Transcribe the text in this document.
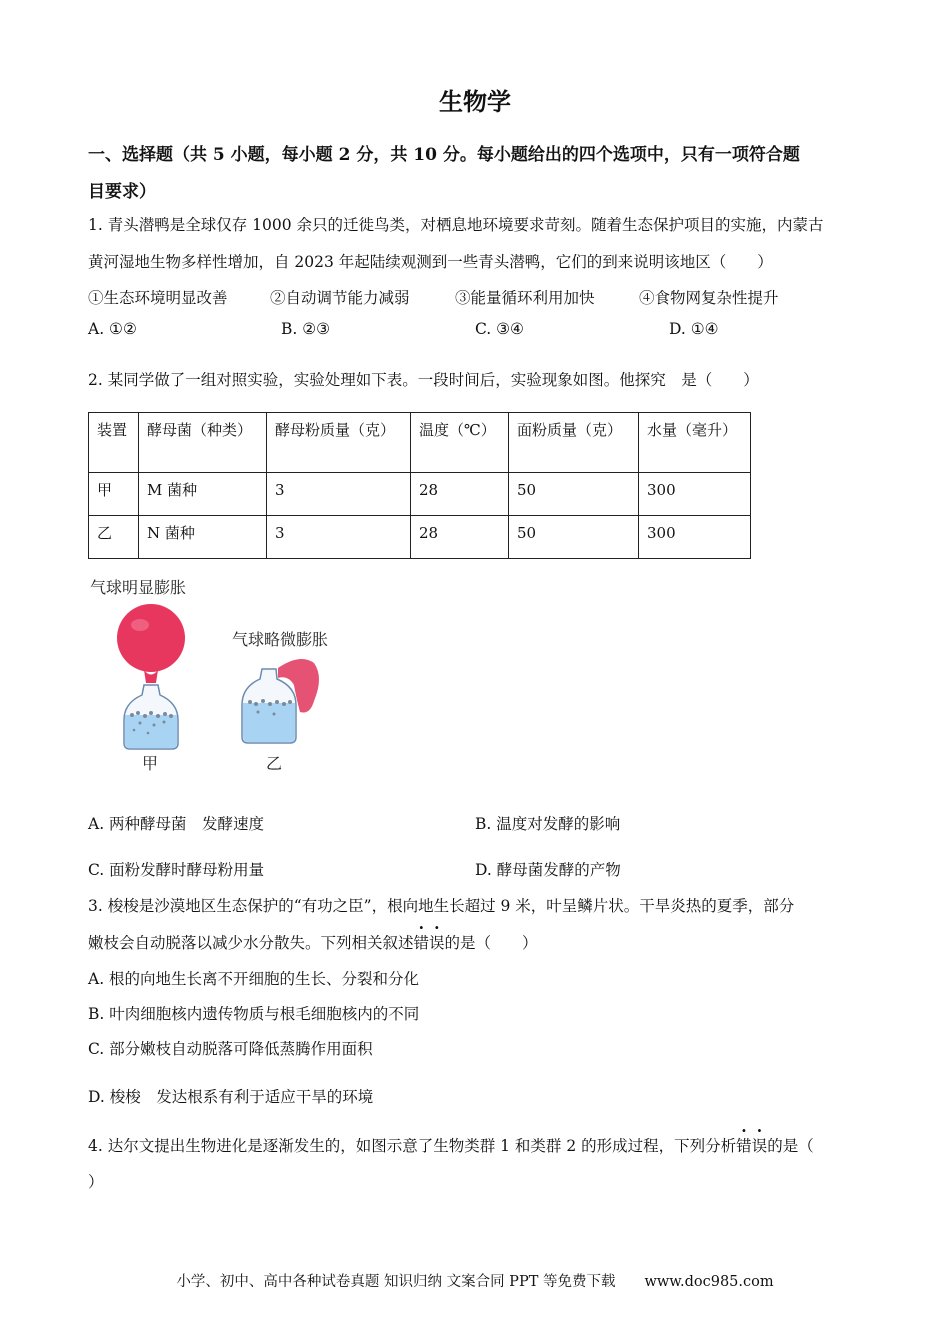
生物学
一、选择题（共 5 小题，每小题 2 分，共 10 分。每小题给出的四个选项中，只有一项符合题
目要求）
1. 青头潜鸭是全球仅存 1000 余只的迁徙鸟类，对栖息地环境要求苛刻。随着生态保护项目的实施，内蒙古
黄河湿地生物多样性增加，自 2023 年起陆续观测到一些青头潜鸭，它们的到来说明该地区（　　）
①生态环境明显改善	②自动调节能力减弱	③能量循环利用加快	④食物网复杂性提升
A. ①②	B. ②③	C. ③④	D. ①④
2. 某同学做了一组对照实验，实验处理如下表。一段时间后，实验现象如图。他探究　是（　　）
装置	酵母菌（种类）	酵母粉质量（克）	温度（℃）	面粉质量（克）	水量（毫升）
甲	M 菌种	3	28	50	300
乙	N 菌种	3	28	50	300
气球明显膨胀
气球略微膨胀
甲	乙
A. 两种酵母菌　发酵速度	B. 温度对发酵的影响
C. 面粉发酵时酵母粉用量	D. 酵母菌发酵的产物
3. 梭梭是沙漠地区生态保护的“有功之臣”，根向地生长超过 9 米，叶呈鳞片状。干旱炎热的夏季，部分
嫩枝会自动脱落以减少水分散失。下列相关叙述错误的是（　　）
A. 根的向地生长离不开细胞的生长、分裂和分化
B. 叶肉细胞核内遗传物质与根毛细胞核内的不同
C. 部分嫩枝自动脱落可降低蒸腾作用面积
D. 梭梭　发达根系有利于适应干旱的环境
4. 达尔文提出生物进化是逐渐发生的，如图示意了生物类群 1 和类群 2 的形成过程，下列分析错误的是（
）
小学、初中、高中各种试卷真题 知识归纳 文案合同 PPT 等免费下载　　www.doc985.com
